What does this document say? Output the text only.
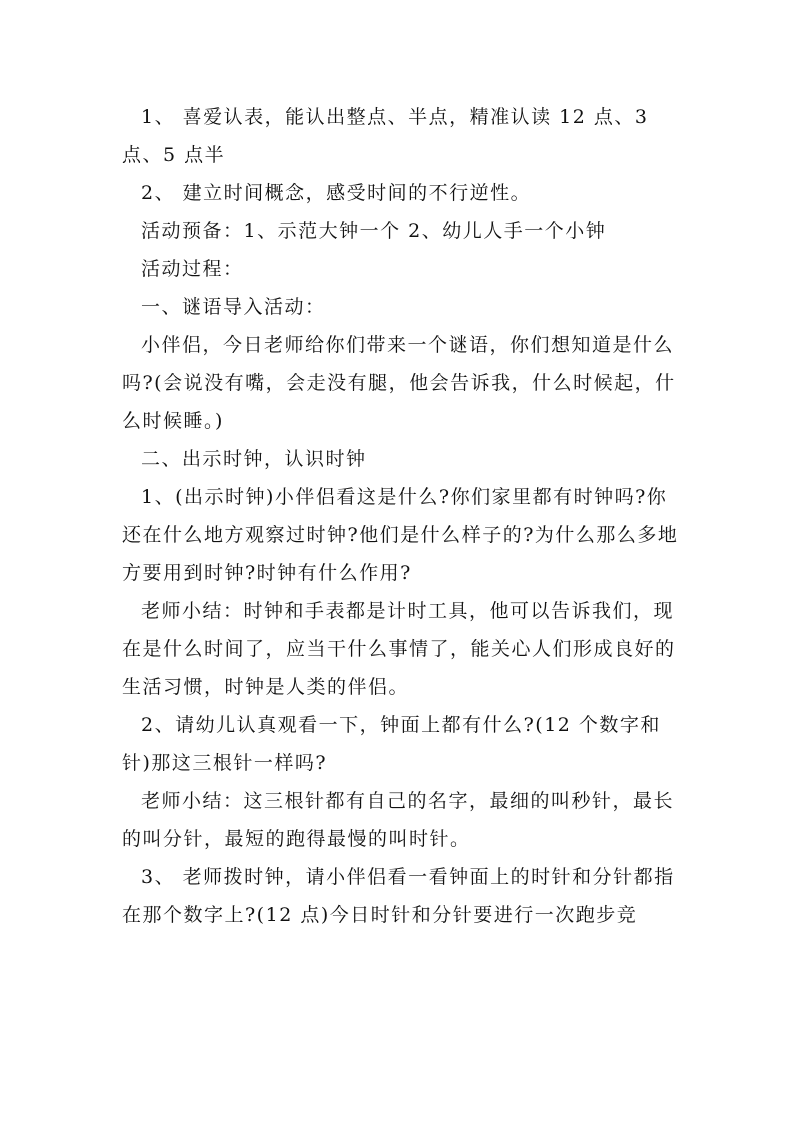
1、 喜爱认表，能认出整点、半点，精准认读 12 点、3 点、5 点半

2、 建立时间概念，感受时间的不行逆性。

活动预备：1、示范大钟一个 2、幼儿人手一个小钟

活动过程：

一、谜语导入活动：

小伴侣，今日老师给你们带来一个谜语，你们想知道是什么吗?(会说没有嘴，会走没有腿，他会告诉我，什么时候起，什么时候睡。)

二、出示时钟，认识时钟

1、(出示时钟)小伴侣看这是什么?你们家里都有时钟吗?你还在什么地方观察过时钟?他们是什么样子的?为什么那么多地方要用到时钟?时钟有什么作用?

老师小结：时钟和手表都是计时工具，他可以告诉我们，现在是什么时间了，应当干什么事情了，能关心人们形成良好的生活习惯，时钟是人类的伴侣。

2、请幼儿认真观看一下，钟面上都有什么?(12 个数字和针)那这三根针一样吗?

老师小结：这三根针都有自己的名字，最细的叫秒针，最长的叫分针，最短的跑得最慢的叫时针。

3、 老师拨时钟，请小伴侣看一看钟面上的时针和分针都指在那个数字上?(12 点)今日时针和分针要进行一次跑步竞
